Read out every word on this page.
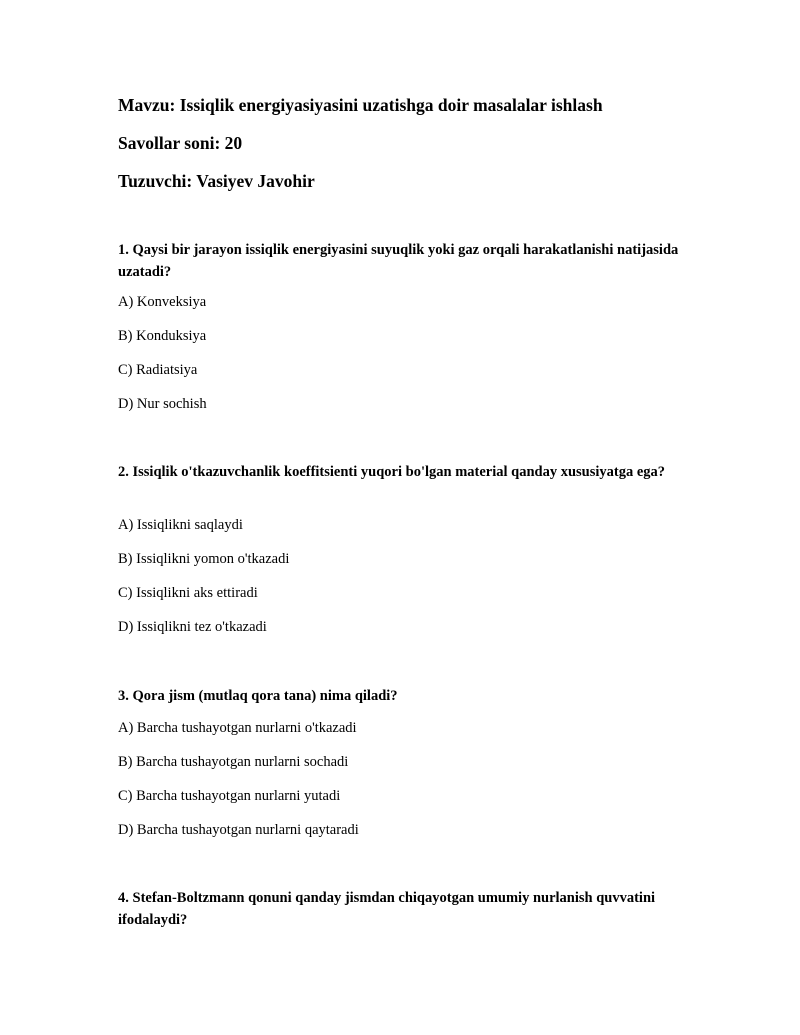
Mavzu: Issiqlik energiyasiyasini uzatishga doir masalalar ishlash
Savollar soni: 20
Tuzuvchi: Vasiyev Javohir
1. Qaysi bir jarayon issiqlik energiyasini suyuqlik yoki gaz orqali harakatlanishi natijasida uzatadi?
A) Konveksiya
B) Konduksiya
C) Radiatsiya
D) Nur sochish
2. Issiqlik o'tkazuvchanlik koeffitsienti yuqori bo'lgan material qanday xususiyatga ega?
A) Issiqlikni saqlaydi
B) Issiqlikni yomon o'tkazadi
C) Issiqlikni aks ettiradi
D) Issiqlikni tez o'tkazadi
3. Qora jism (mutlaq qora tana) nima qiladi?
A) Barcha tushayotgan nurlarni o'tkazadi
B) Barcha tushayotgan nurlarni sochadi
C) Barcha tushayotgan nurlarni yutadi
D) Barcha tushayotgan nurlarni qaytaradi
4. Stefan-Boltzmann qonuni qanday jismdan chiqayotgan umumiy nurlanish quvvatini ifodalaydi?
